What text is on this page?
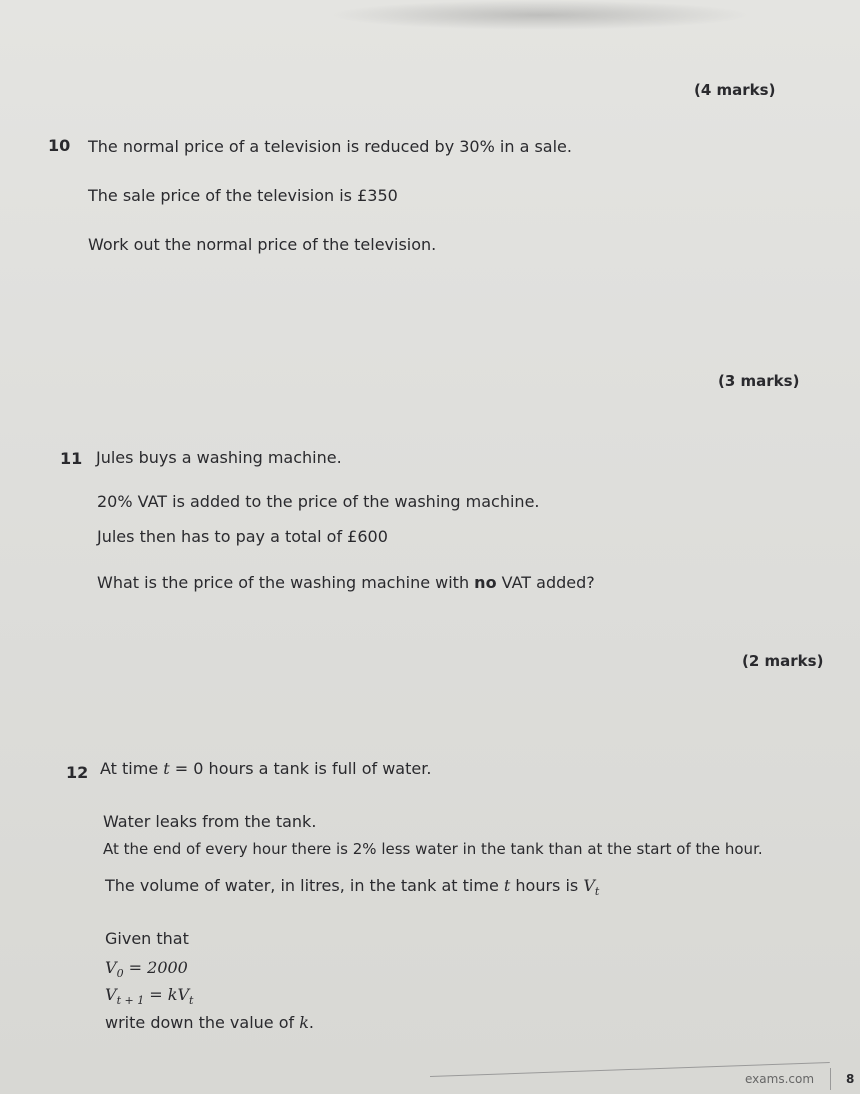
(4 marks)
10 The normal price of a television is reduced by 30% in a sale.
The sale price of the television is £350
Work out the normal price of the television.
(3 marks)
11 Jules buys a washing machine.
20% VAT is added to the price of the washing machine.
Jules then has to pay a total of £600
What is the price of the washing machine with no VAT added?
(2 marks)
12 At time t = 0 hours a tank is full of water.
Water leaks from the tank.
At the end of every hour there is 2% less water in the tank than at the start of the hour.
The volume of water, in litres, in the tank at time t hours is $V_t$
Given that
$V_0 = 2000$
$V_{t + 1} = kV_t$
write down the value of k.
exams.com	8
